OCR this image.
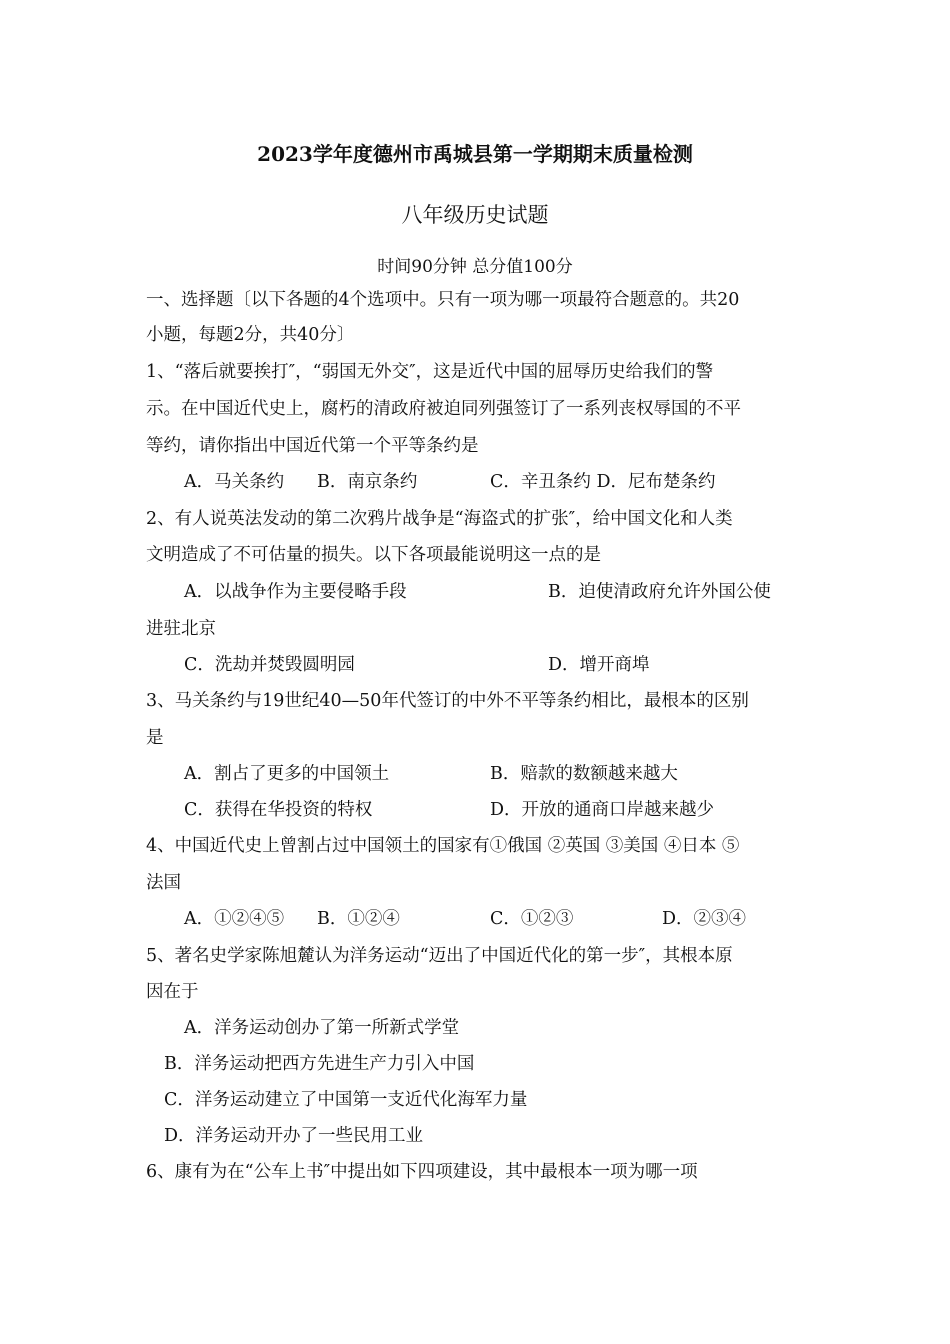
2023学年度德州市禹城县第一学期期末质量检测
八年级历史试题
时间90分钟 总分值100分
一、选择题〔以下各题的4个选项中。只有一项为哪一项最符合题意的。共20
小题，每题2分，共40分〕
1、“落后就要挨打″，“弱国无外交″，这是近代中国的屈辱历史给我们的警
示。在中国近代史上，腐朽的清政府被迫同列强签订了一系列丧权辱国的不平
等约，请你指出中国近代第一个平等条约是
A．马关条约 B．南京条约	C．辛丑条约 D．尼布楚条约
2、有人说英法发动的第二次鸦片战争是“海盗式的扩张″，给中国文化和人类
文明造成了不可估量的损失。以下各项最能说明这一点的是
A．以战争作为主要侵略手段	B．迫使清政府允许外国公使
进驻北京
C．洗劫并焚毁圆明园	D．增开商埠
3、马关条约与19世纪40—50年代签订的中外不平等条约相比，最根本的区别
是
A．割占了更多的中国领土	B．赔款的数额越来越大
C．获得在华投资的特权	D．开放的通商口岸越来越少
4、中国近代史上曾割占过中国领土的国家有①俄国 ②英国 ③美国 ④日本 ⑤
法国
A．①②④⑤ B．①②④	C．①②③	D．②③④
5、著名史学家陈旭麓认为洋务运动“迈出了中国近代化的第一步″，其根本原
因在于
A．洋务运动创办了第一所新式学堂
B．洋务运动把西方先进生产力引入中国
C．洋务运动建立了中国第一支近代化海军力量
D．洋务运动开办了一些民用工业
6、康有为在“公车上书″中提出如下四项建设，其中最根本一项为哪一项
